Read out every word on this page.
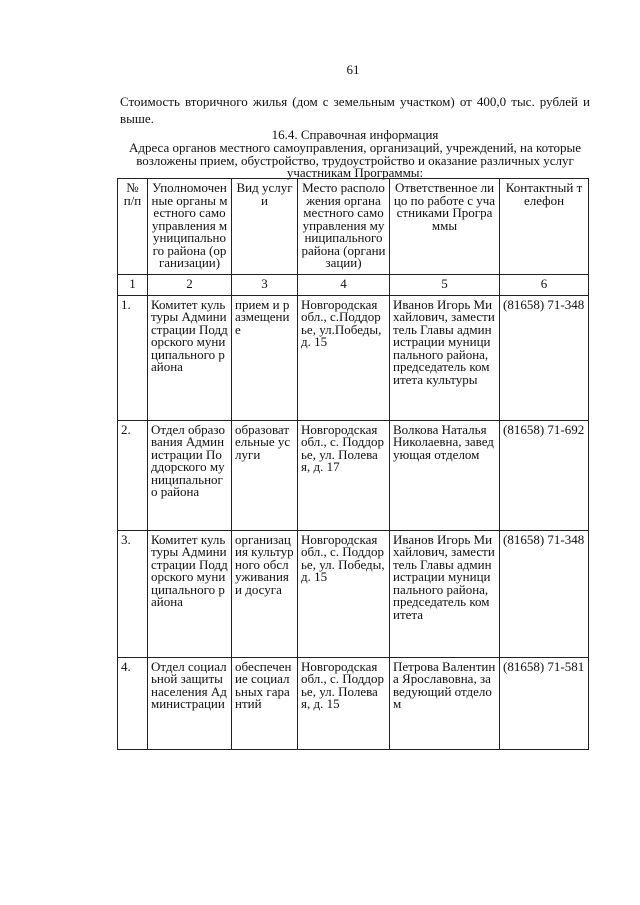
61
Стоимость вторичного жилья (дом с земельным участком) от 400,0 тыс. рублей и выше.
16.4. Справочная информация
Адреса органов местного самоуправления, организаций, учреждений, на которые возложены прием, обустройство, трудоустройство и оказание различных услуг участникам Программы:
№ п/п	Уполномоченные органы местного самоуправления муниципального района (организации)	Вид услуги	Место расположения органа местного самоуправления муниципального района (организации)	Ответственное лицо по работе с участниками Программы	Контактный телефон
1	2	3	4	5	6
1.	Комитет культуры Администрации Поддорского муниципального района	прием и размещение	Новгородская обл., с.Поддорье, ул.Победы, д. 15	Иванов Игорь Михайлович, заместитель Главы администрации муниципального района, председатель комитета культуры	(81658) 71-348
2.	Отдел образования Администрации Поддорского муниципального района	образовательные услуги	Новгородская обл., с. Поддорье, ул. Полевая, д. 17	Волкова Наталья Николаевна, заведующая отделом	(81658) 71-692
3.	Комитет культуры Администрации Поддорского муниципального района	организация культурного обслуживания и досуга	Новгородская обл., с. Поддорье, ул. Победы, д. 15	Иванов Игорь Михайлович, заместитель Главы администрации муниципального района, председатель комитета	(81658) 71-348
4.	Отдел социальной защиты населения Администрации	обеспечение социальных гарантий	Новгородская обл., с. Поддорье, ул. Полевая, д. 15	Петрова Валентина Ярославовна, заведующий отделом	(81658) 71-581
